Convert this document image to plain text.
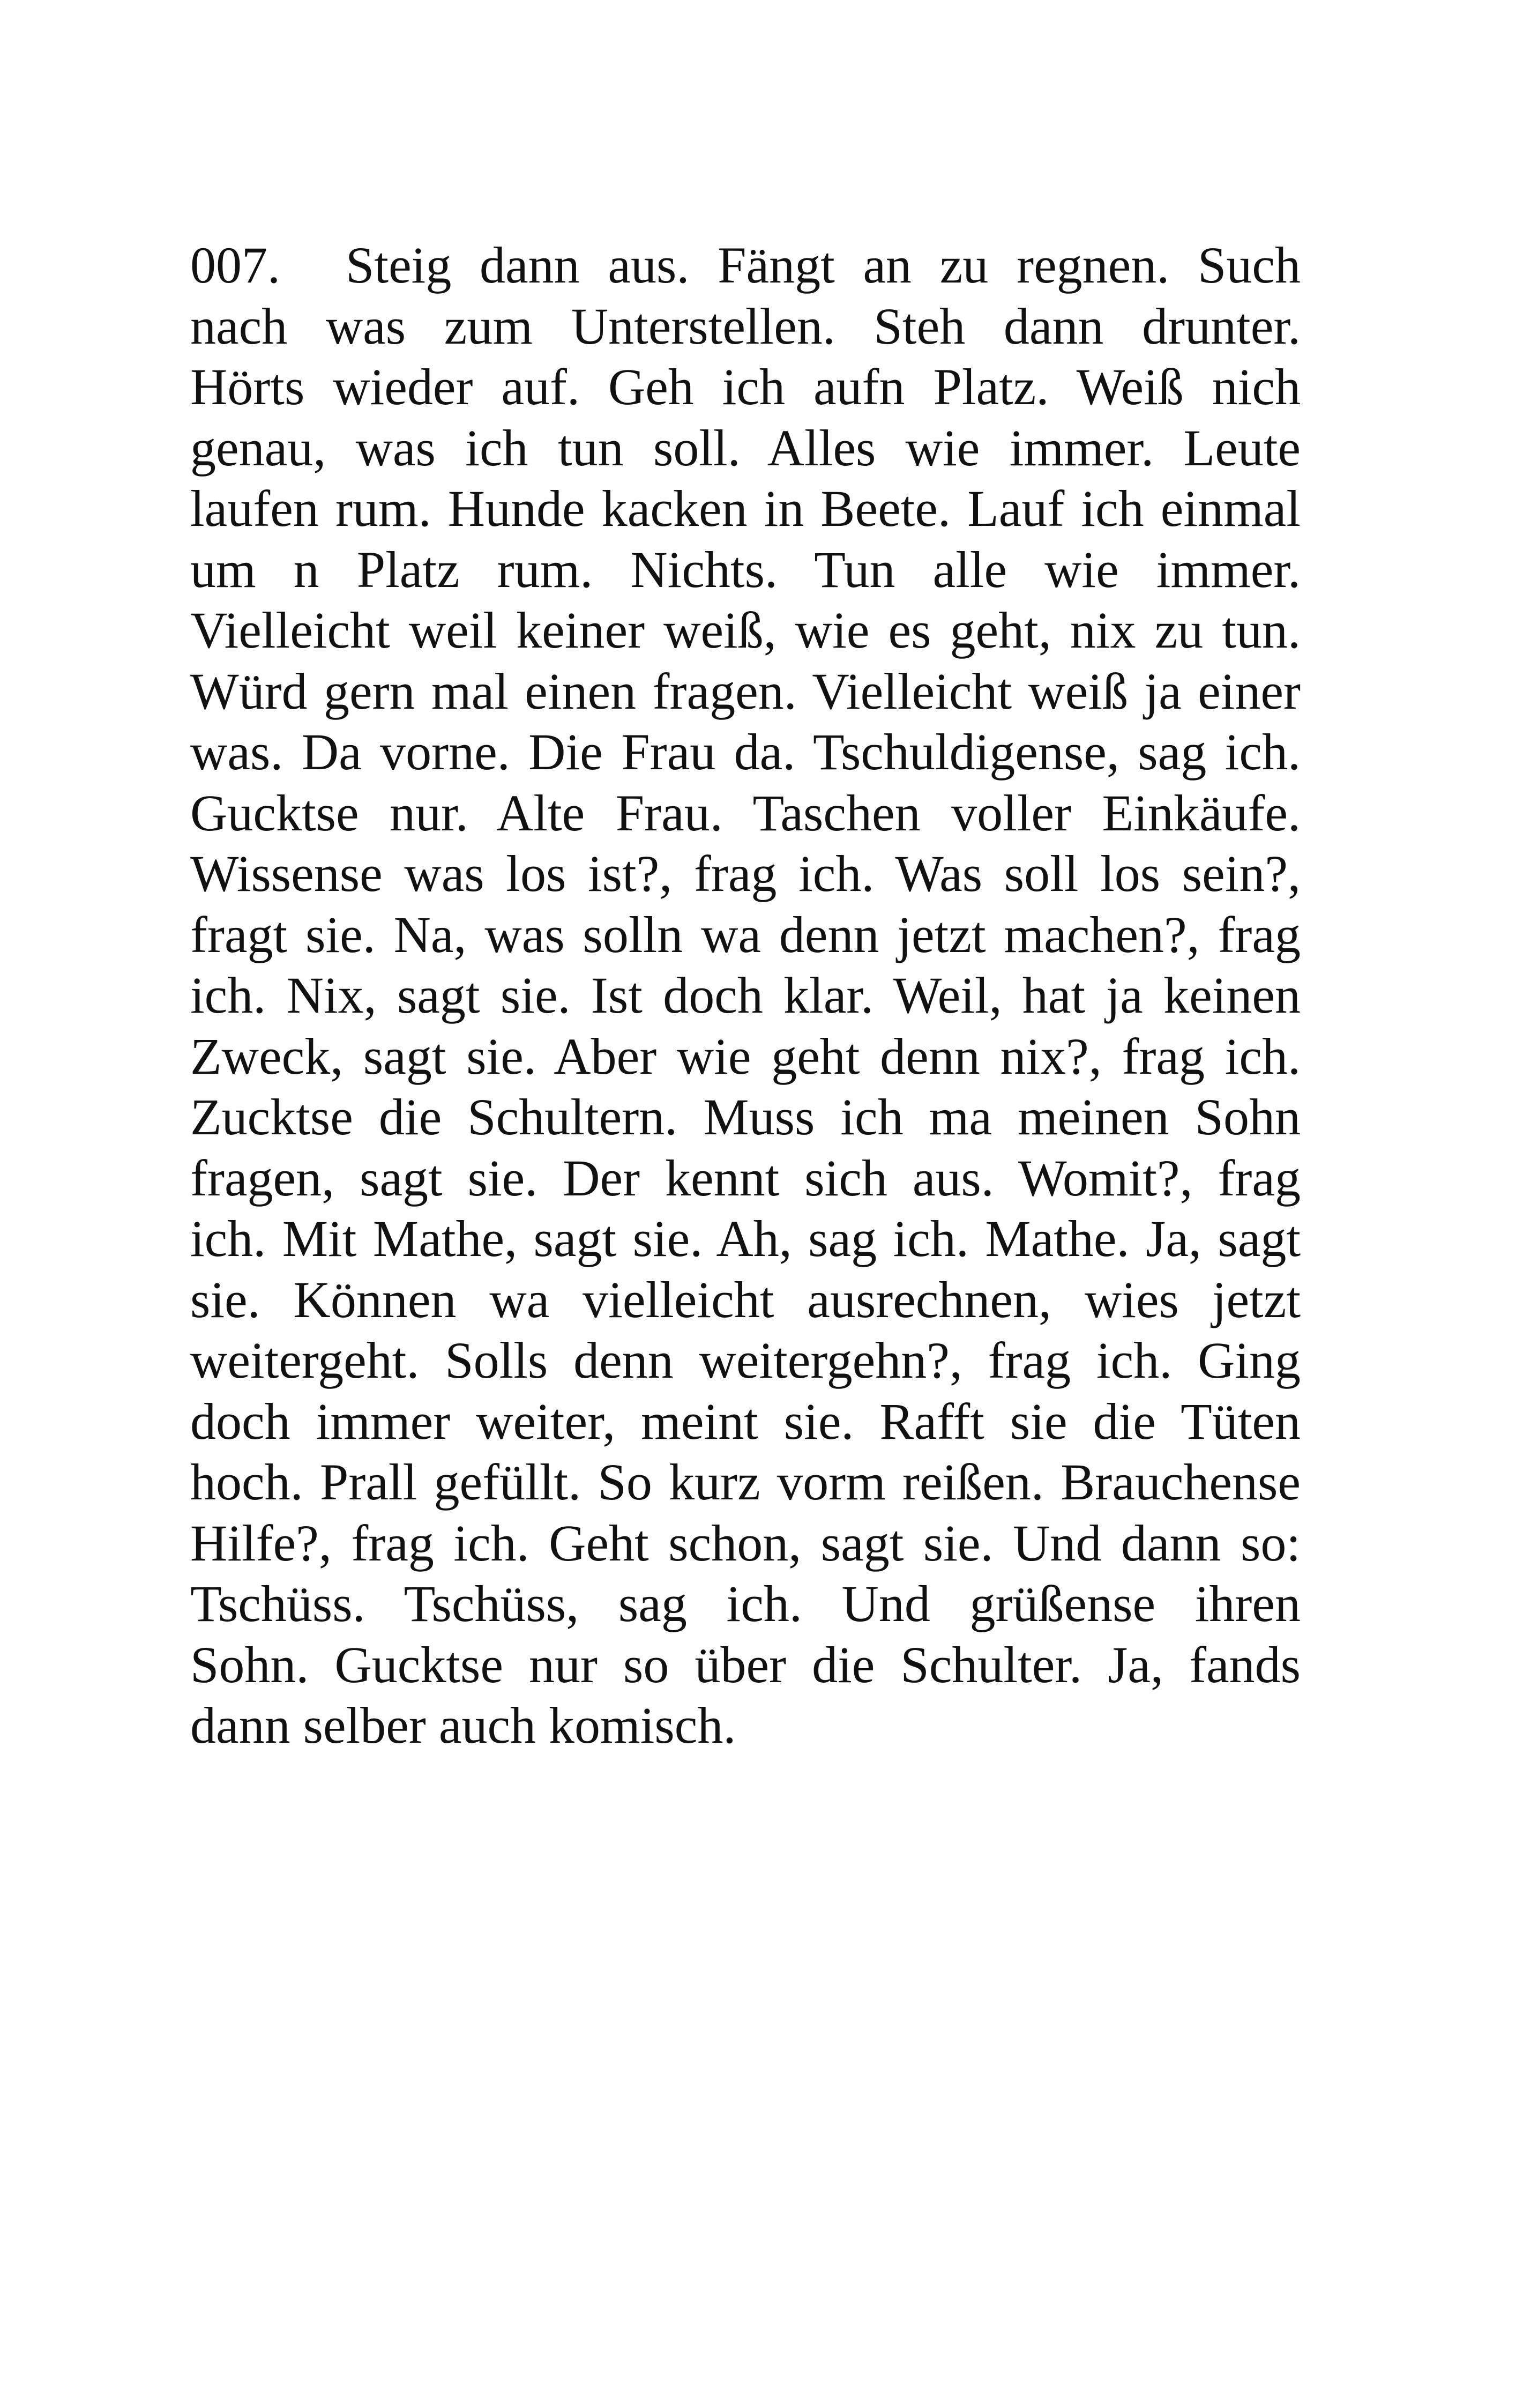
007. Steig dann aus. Fängt an zu regnen. Such
nach was zum Unterstellen. Steh dann drunter.
Hörts wieder auf. Geh ich aufn Platz. Weiß nich
genau, was ich tun soll. Alles wie immer. Leute
laufen rum. Hunde kacken in Beete. Lauf ich einmal
um n Platz rum. Nichts. Tun alle wie immer.
Vielleicht weil keiner weiß, wie es geht, nix zu tun.
Würd gern mal einen fragen. Vielleicht weiß ja einer
was. Da vorne. Die Frau da. Tschuldigense, sag ich.
Gucktse nur. Alte Frau. Taschen voller Einkäufe.
Wissense was los ist?, frag ich. Was soll los sein?,
fragt sie. Na, was solln wa denn jetzt machen?, frag
ich. Nix, sagt sie. Ist doch klar. Weil, hat ja keinen
Zweck, sagt sie. Aber wie geht denn nix?, frag ich.
Zucktse die Schultern. Muss ich ma meinen Sohn
fragen, sagt sie. Der kennt sich aus. Womit?, frag
ich. Mit Mathe, sagt sie. Ah, sag ich. Mathe. Ja, sagt
sie. Können wa vielleicht ausrechnen, wies jetzt
weitergeht. Solls denn weitergehn?, frag ich. Ging
doch immer weiter, meint sie. Rafft sie die Tüten
hoch. Prall gefüllt. So kurz vorm reißen. Brauchense
Hilfe?, frag ich. Geht schon, sagt sie. Und dann so:
Tschüss. Tschüss, sag ich. Und grüßense ihren
Sohn. Gucktse nur so über die Schulter. Ja, fands
dann selber auch komisch.
